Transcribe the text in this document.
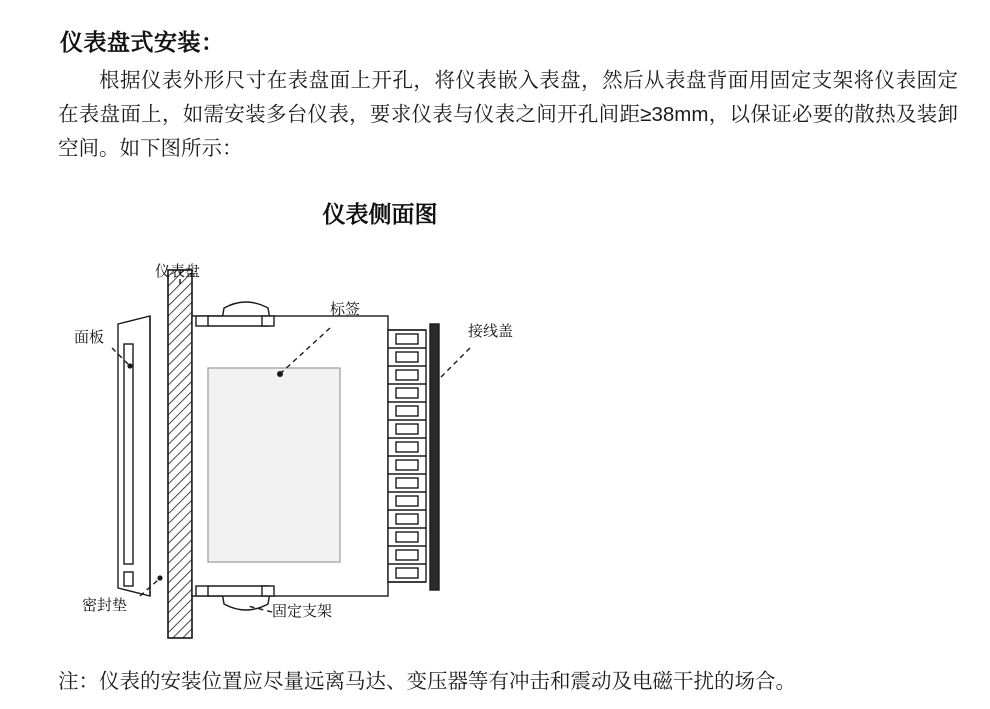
仪表盘式安装：
根据仪表外形尺寸在表盘面上开孔，将仪表嵌入表盘，然后从表盘背面用固定支架将仪表固定在表盘面上，如需安装多台仪表，要求仪表与仪表之间开孔间距≥38mm，以保证必要的散热及装卸空间。如下图所示：
仪表侧面图
仪表盘
面板
标签
接线盖
密封垫	固定支架
注：仪表的安装位置应尽量远离马达、变压器等有冲击和震动及电磁干扰的场合。
